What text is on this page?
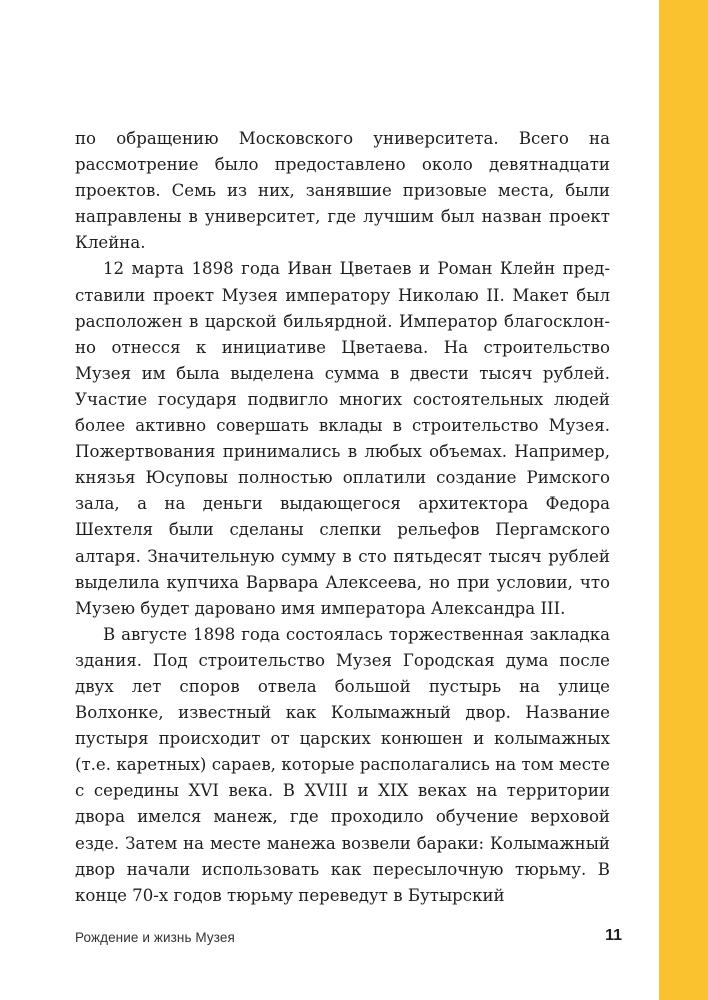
по обращению Московского университета. Всего на рассмотрение было предоставлено около девятнадцати проектов. Семь из них, занявшие призовые места, были направлены в университет, где лучшим был назван проект Клейна.

12 марта 1898 года Иван Цветаев и Роман Клейн представили проект Музея императору Николаю II. Макет был расположен в царской бильярдной. Император благосклонно отнесся к инициативе Цветаева. На строительство Музея им была выделена сумма в двести тысяч рублей. Участие государя подвигло многих состоятельных людей более активно совершать вклады в строительство Музея. Пожертвования принимались в любых объемах. Например, князья Юсуповы полностью оплатили создание Римского зала, а на деньги выдающегося архитектора Федора Шехтеля были сделаны слепки рельефов Пергамского алтаря. Значительную сумму в сто пятьдесят тысяч рублей выделила купчиха Варвара Алексеева, но при условии, что Музею будет даровано имя императора Александра III.

В августе 1898 года состоялась торжественная закладка здания. Под строительство Музея Городская дума после двух лет споров отвела большой пустырь на улице Волхонке, известный как Колымажный двор. Название пустыря происходит от царских конюшен и колымажных (т.е. каретных) сараев, которые располагались на том месте с середины XVI века. В XVIII и XIX веках на территории двора имелся манеж, где проходило обучение верховой езде. Затем на месте манежа возвели бараки: Колымажный двор начали использовать как пересылочную тюрьму. В конце 70-х годов тюрьму переведут в Бутырский

Рождение и жизнь Музея	11
